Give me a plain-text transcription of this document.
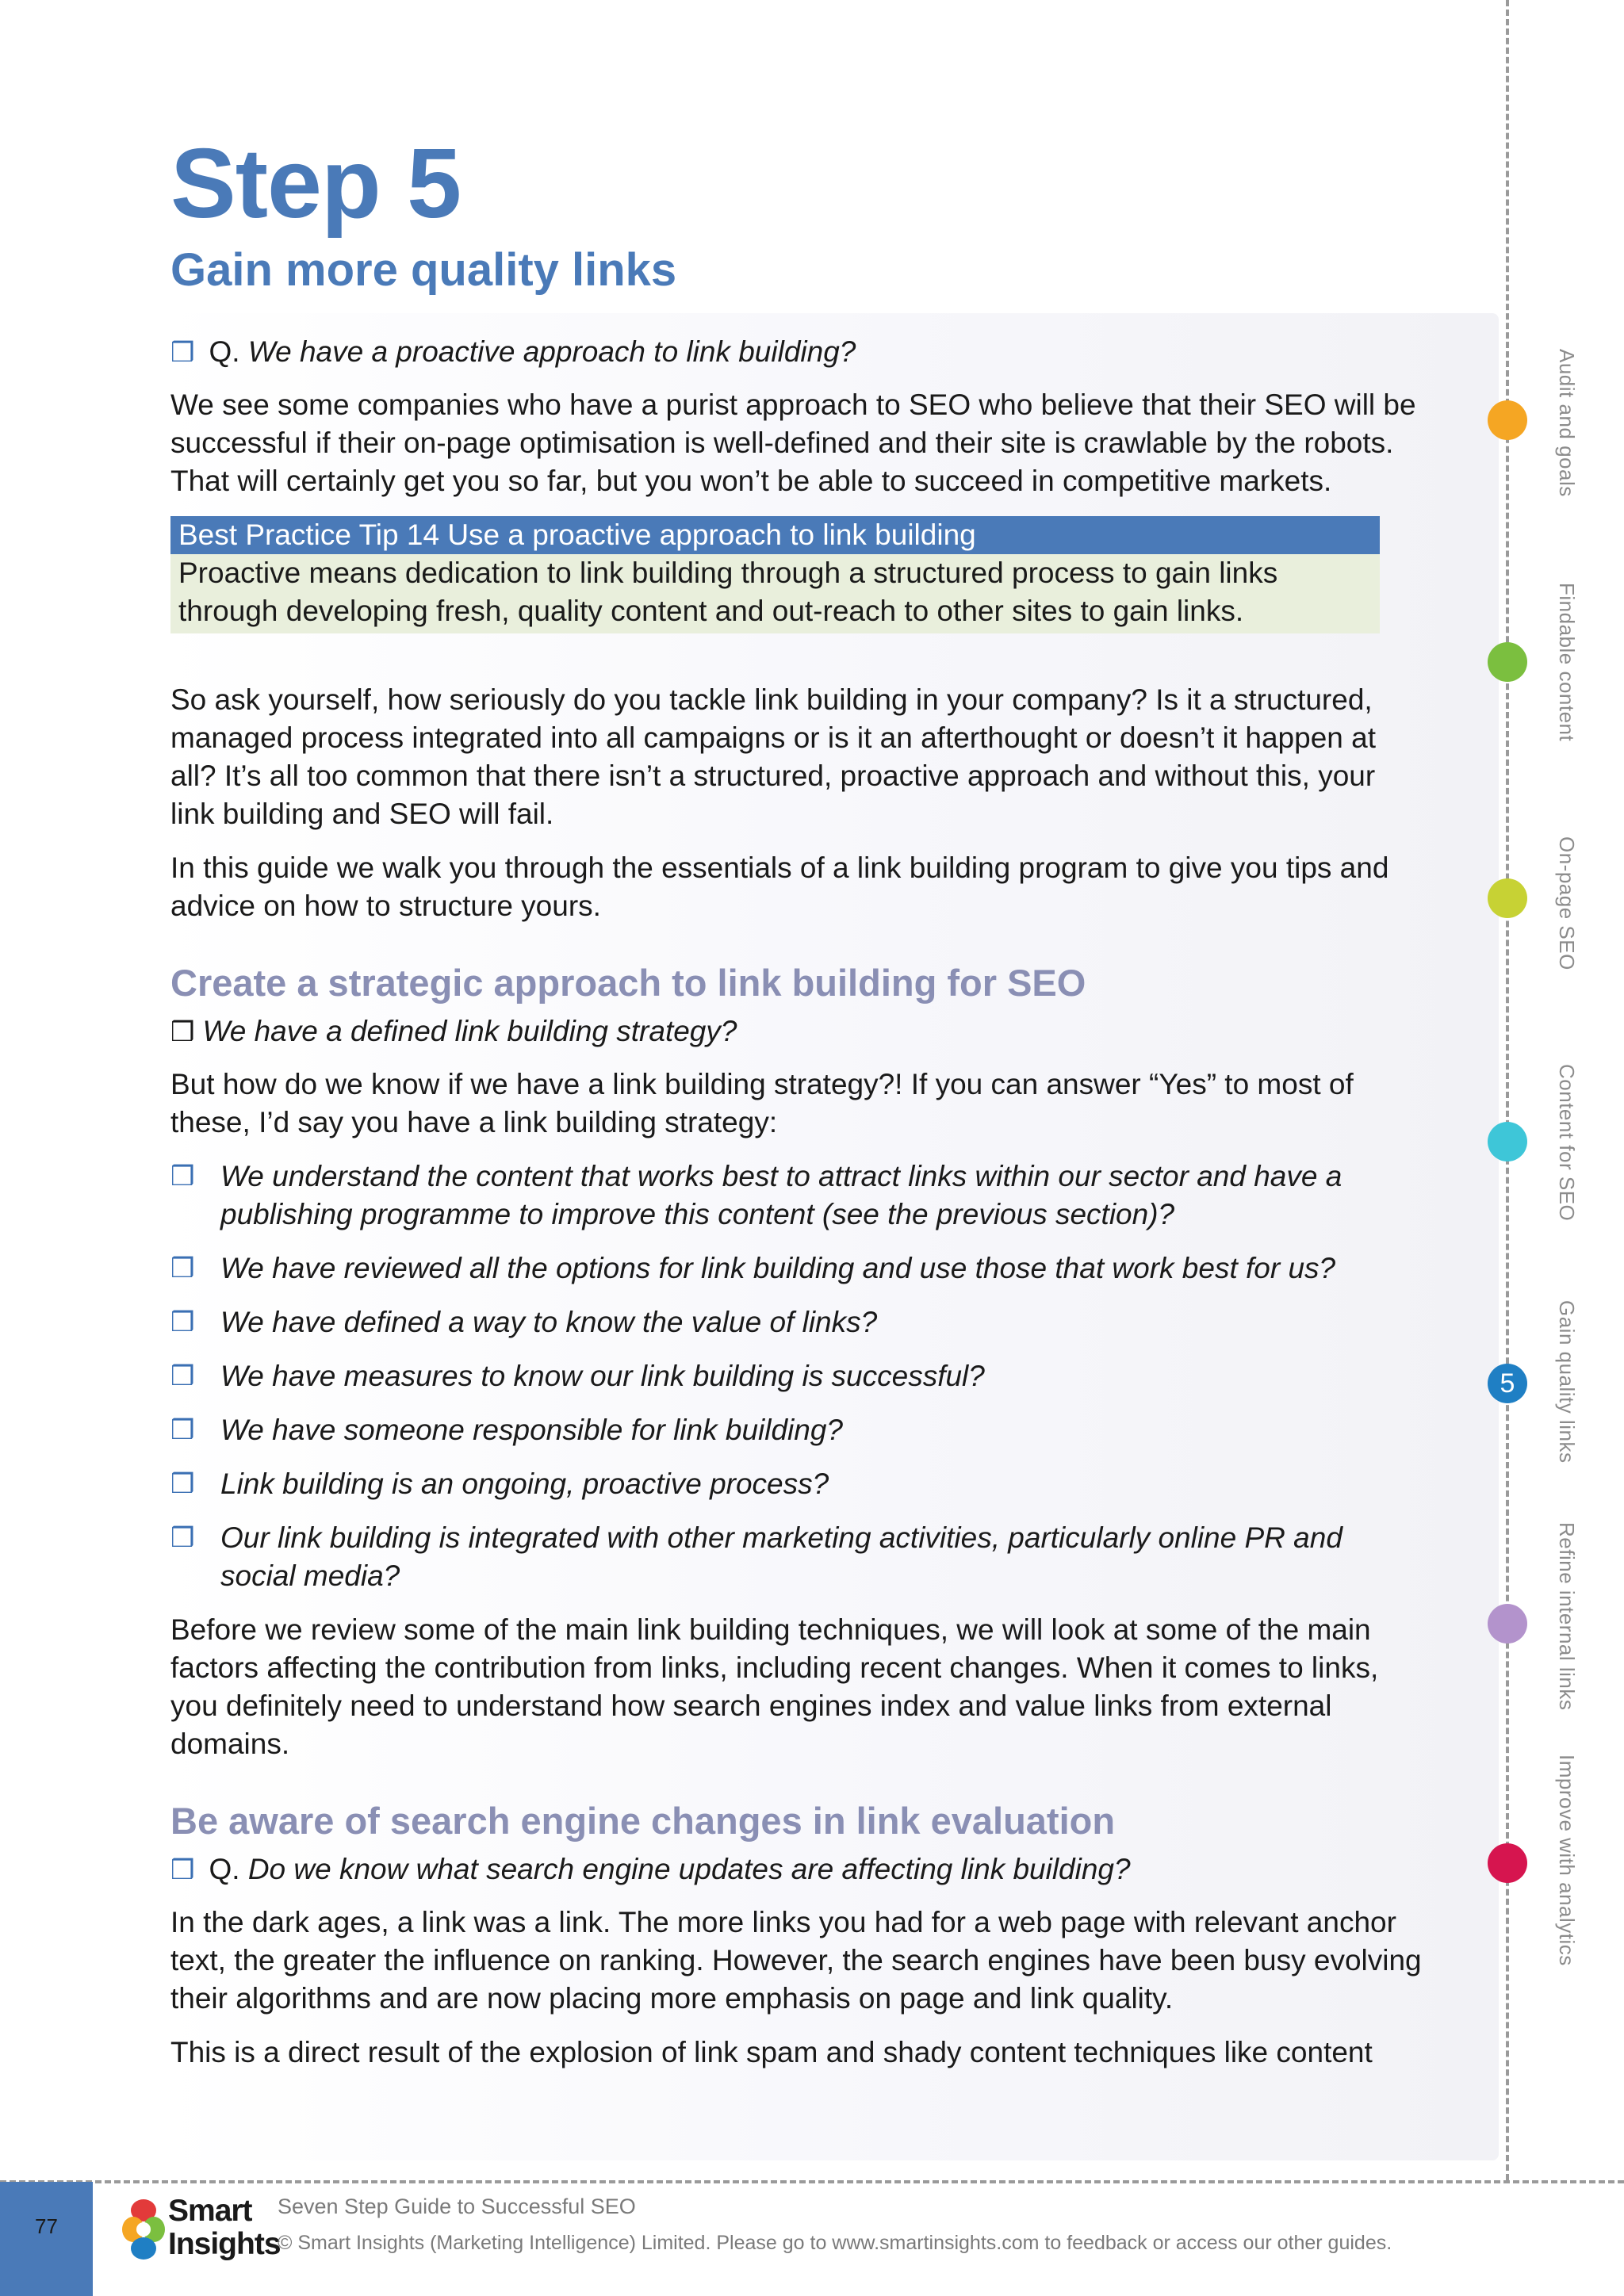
Step 5
Gain more quality links
❒ Q. We have a proactive approach to link building?

We see some companies who have a purist approach to SEO who believe that their SEO will be successful if their on-page optimisation is well-defined and their site is crawlable by the robots. That will certainly get you so far, but you won’t be able to succeed in competitive markets.

Best Practice Tip 14 Use a proactive approach to link building
Proactive means dedication to link building through a structured process to gain links through developing fresh, quality content and out-reach to other sites to gain links.

So ask yourself, how seriously do you tackle link building in your company? Is it a structured, managed process integrated into all campaigns or is it an afterthought or doesn’t it happen at all? It’s all too common that there isn’t a structured, proactive approach and without this, your link building and SEO will fail.

In this guide we walk you through the essentials of a link building program to give you tips and advice on how to structure yours.

Create a strategic approach to link building for SEO
❒ We have a defined link building strategy?

But how do we know if we have a link building strategy?! If you can answer “Yes” to most of these, I’d say you have a link building strategy:

❒ We understand the content that works best to attract links within our sector and have a publishing programme to improve this content (see the previous section)?
❒ We have reviewed all the options for link building and use those that work best for us?
❒ We have defined a way to know the value of links?
❒ We have measures to know our link building is successful?
❒ We have someone responsible for link building?
❒ Link building is an ongoing, proactive process?
❒ Our link building is integrated with other marketing activities, particularly online PR and social media?

Before we review some of the main link building techniques, we will look at some of the main factors affecting the contribution from links, including recent changes. When it comes to links, you definitely need to understand how search engines index and value links from external domains.

Be aware of search engine changes in link evaluation
❒ Q. Do we know what search engine updates are affecting link building?

In the dark ages, a link was a link. The more links you had for a web page with relevant anchor text, the greater the influence on ranking. However, the search engines have been busy evolving their algorithms and are now placing more emphasis on page and link quality.

This is a direct result of the explosion of link spam and shady content techniques like content

Audit and goals
Findable content
On-page SEO
Content for SEO
5	Gain quality links
Refine internal links
Improve with analytics
77	Smart
Insights
Seven Step Guide to Successful SEO
© Smart Insights (Marketing Intelligence) Limited. Please go to www.smartinsights.com to feedback or access our other guides.
